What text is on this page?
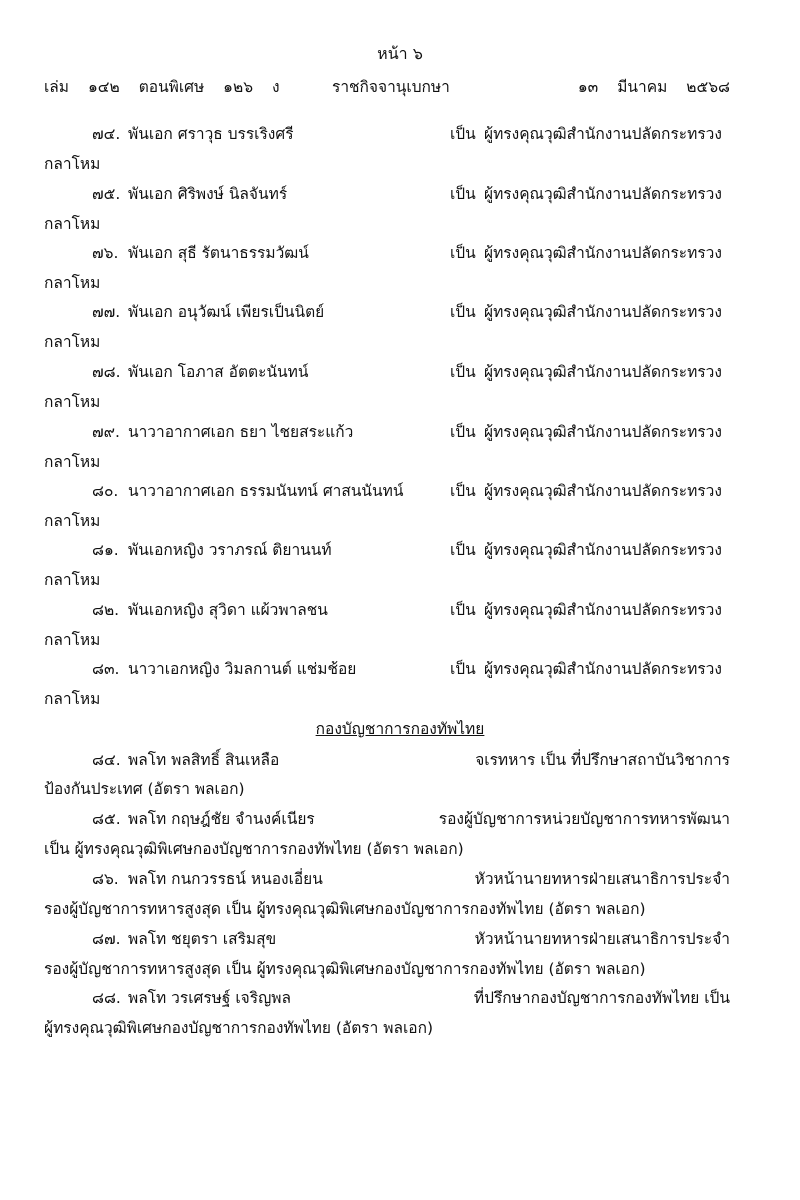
หน้า ๖
เล่ม ๑๔๒ ตอนพิเศษ ๑๒๖ ง	ราชกิจจานุเบกษา	๑๓ มีนาคม ๒๕๖๘
๗๔. พันเอก ศราวุธ บรรเริงศรี	เป็น ผู้ทรงคุณวุฒิสำนักงานปลัดกระทรวง
กลาโหม
๗๕. พันเอก ศิริพงษ์ นิลจันทร์	เป็น ผู้ทรงคุณวุฒิสำนักงานปลัดกระทรวง
กลาโหม
๗๖. พันเอก สุธี รัตนาธรรมวัฒน์	เป็น ผู้ทรงคุณวุฒิสำนักงานปลัดกระทรวง
กลาโหม
๗๗. พันเอก อนุวัฒน์ เพียรเป็นนิตย์	เป็น ผู้ทรงคุณวุฒิสำนักงานปลัดกระทรวง
กลาโหม
๗๘. พันเอก โอภาส อัตตะนันทน์	เป็น ผู้ทรงคุณวุฒิสำนักงานปลัดกระทรวง
กลาโหม
๗๙. นาวาอากาศเอก ธยา ไชยสระแก้ว	เป็น ผู้ทรงคุณวุฒิสำนักงานปลัดกระทรวง
กลาโหม
๘๐. นาวาอากาศเอก ธรรมนันทน์ ศาสนนันทน์	เป็น ผู้ทรงคุณวุฒิสำนักงานปลัดกระทรวง
กลาโหม
๘๑. พันเอกหญิง วราภรณ์ ติยานนท์	เป็น ผู้ทรงคุณวุฒิสำนักงานปลัดกระทรวง
กลาโหม
๘๒. พันเอกหญิง สุวิดา แผ้วพาลชน	เป็น ผู้ทรงคุณวุฒิสำนักงานปลัดกระทรวง
กลาโหม
๘๓. นาวาเอกหญิง วิมลกานต์ แช่มช้อย	เป็น ผู้ทรงคุณวุฒิสำนักงานปลัดกระทรวง
กลาโหม
กองบัญชาการกองทัพไทย
๘๔. พลโท พลสิทธิ์ สินเหลือ	จเรทหาร เป็น ที่ปรึกษาสถาบันวิชาการ
ป้องกันประเทศ (อัตรา พลเอก)
๘๕. พลโท กฤษฎ์ชัย จำนงค์เนียร	รองผู้บัญชาการหน่วยบัญชาการทหารพัฒนา
เป็น ผู้ทรงคุณวุฒิพิเศษกองบัญชาการกองทัพไทย (อัตรา พลเอก)
๘๖. พลโท กนกวรรธน์ หนองเอี่ยน	หัวหน้านายทหารฝ่ายเสนาธิการประจำ
รองผู้บัญชาการทหารสูงสุด เป็น ผู้ทรงคุณวุฒิพิเศษกองบัญชาการกองทัพไทย (อัตรา พลเอก)
๘๗. พลโท ชยุตรา เสริมสุข	หัวหน้านายทหารฝ่ายเสนาธิการประจำ
รองผู้บัญชาการทหารสูงสุด เป็น ผู้ทรงคุณวุฒิพิเศษกองบัญชาการกองทัพไทย (อัตรา พลเอก)
๘๘. พลโท วรเศรษฐ์ เจริญพล	ที่ปรึกษากองบัญชาการกองทัพไทย เป็น
ผู้ทรงคุณวุฒิพิเศษกองบัญชาการกองทัพไทย (อัตรา พลเอก)
